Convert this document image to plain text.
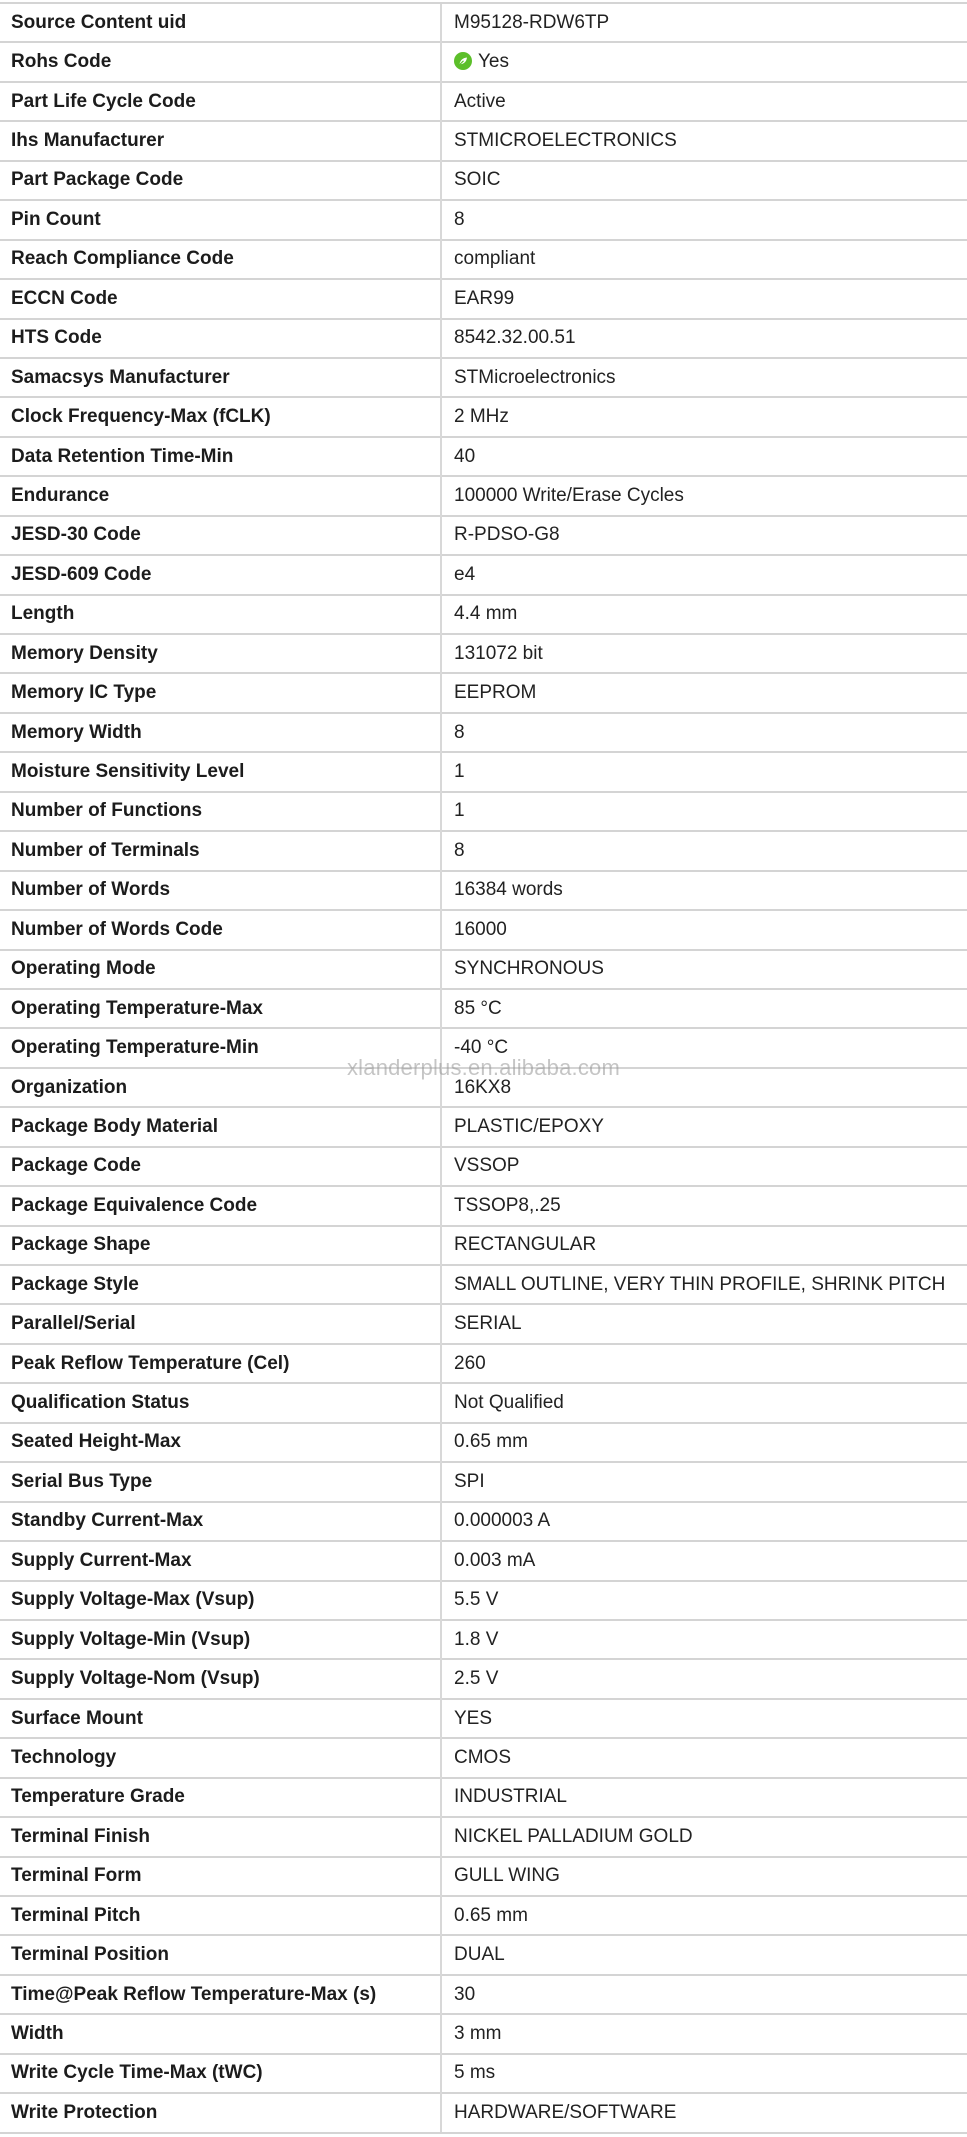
Source Content uid	M95128-RDW6TP
Rohs Code	Yes
Part Life Cycle Code	Active
Ihs Manufacturer	STMICROELECTRONICS
Part Package Code	SOIC
Pin Count	8
Reach Compliance Code	compliant
ECCN Code	EAR99
HTS Code	8542.32.00.51
Samacsys Manufacturer	STMicroelectronics
Clock Frequency-Max (fCLK)	2 MHz
Data Retention Time-Min	40
Endurance	100000 Write/Erase Cycles
JESD-30 Code	R-PDSO-G8
JESD-609 Code	e4
Length	4.4 mm
Memory Density	131072 bit
Memory IC Type	EEPROM
Memory Width	8
Moisture Sensitivity Level	1
Number of Functions	1
Number of Terminals	8
Number of Words	16384 words
Number of Words Code	16000
Operating Mode	SYNCHRONOUS
Operating Temperature-Max	85 °C
Operating Temperature-Min	-40 °C
Organization	16KX8
Package Body Material	PLASTIC/EPOXY
Package Code	VSSOP
Package Equivalence Code	TSSOP8,.25
Package Shape	RECTANGULAR
Package Style	SMALL OUTLINE, VERY THIN PROFILE, SHRINK PITCH
Parallel/Serial	SERIAL
Peak Reflow Temperature (Cel)	260
Qualification Status	Not Qualified
Seated Height-Max	0.65 mm
Serial Bus Type	SPI
Standby Current-Max	0.000003 A
Supply Current-Max	0.003 mA
Supply Voltage-Max (Vsup)	5.5 V
Supply Voltage-Min (Vsup)	1.8 V
Supply Voltage-Nom (Vsup)	2.5 V
Surface Mount	YES
Technology	CMOS
Temperature Grade	INDUSTRIAL
Terminal Finish	NICKEL PALLADIUM GOLD
Terminal Form	GULL WING
Terminal Pitch	0.65 mm
Terminal Position	DUAL
Time@Peak Reflow Temperature-Max (s)	30
Width	3 mm
Write Cycle Time-Max (tWC)	5 ms
Write Protection	HARDWARE/SOFTWARE
xlanderplus.en.alibaba.com
